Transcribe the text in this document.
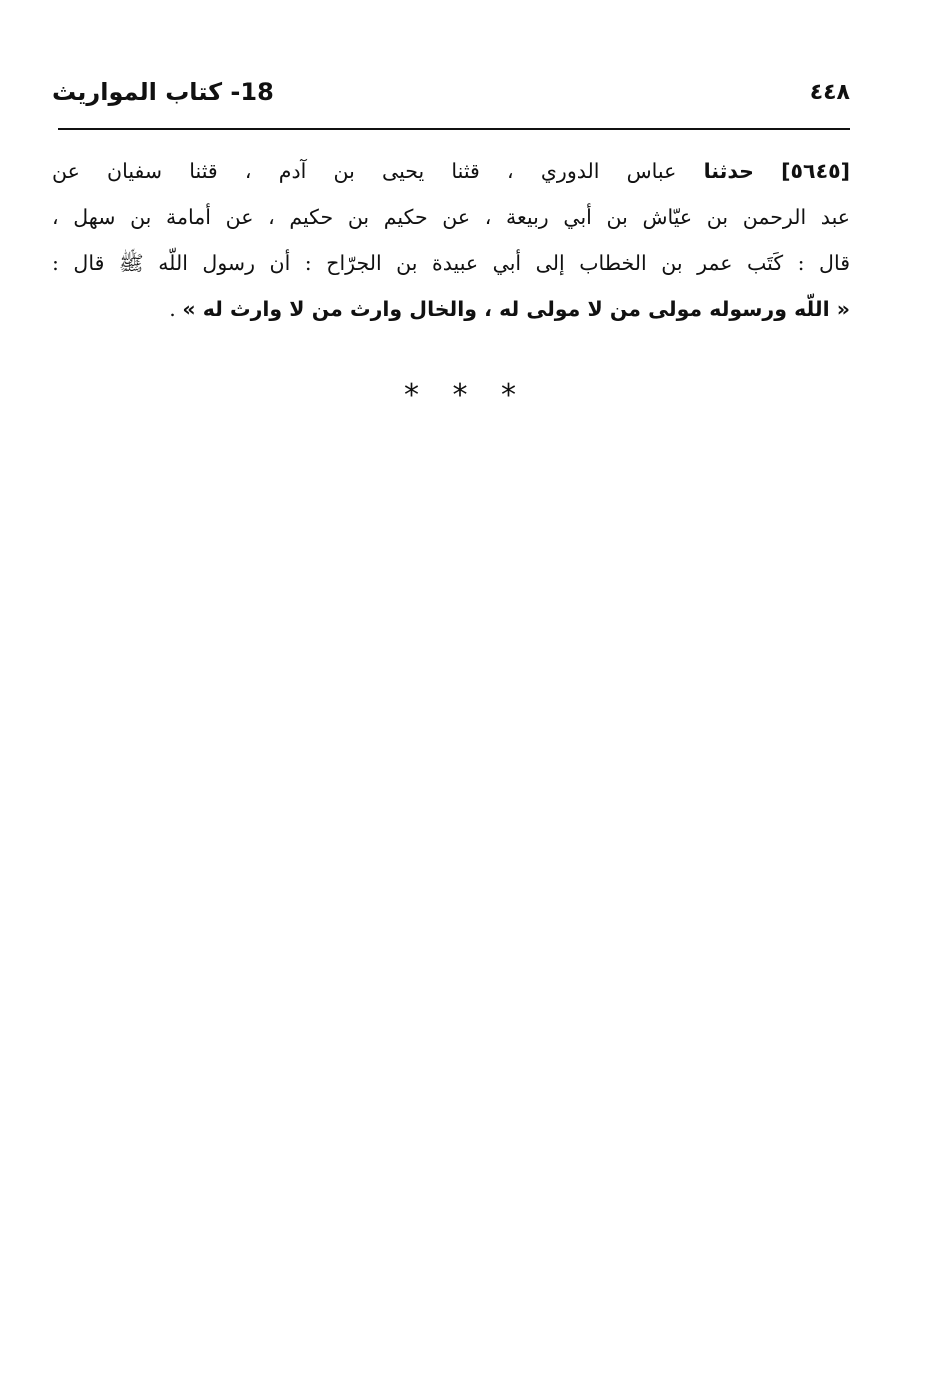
18- كتاب المواريث	٤٤٨
[٥٦٤٥] حدثنا عباس الدوري ، قثنا يحيى بن آدم ، قثنا سفيان عن
عبد الرحمن بن عيّاش بن أبي ربيعة ، عن حكيم بن حكيم ، عن أمامة بن سهل ،
قال : كَتَب عمر بن الخطاب إلى أبي عبيدة بن الجرّاح : أن رسول اللّه ﷺ قال :
« اللّه ورسوله مولى من لا مولى له ، والخال وارث من لا وارث له » .
* * *
